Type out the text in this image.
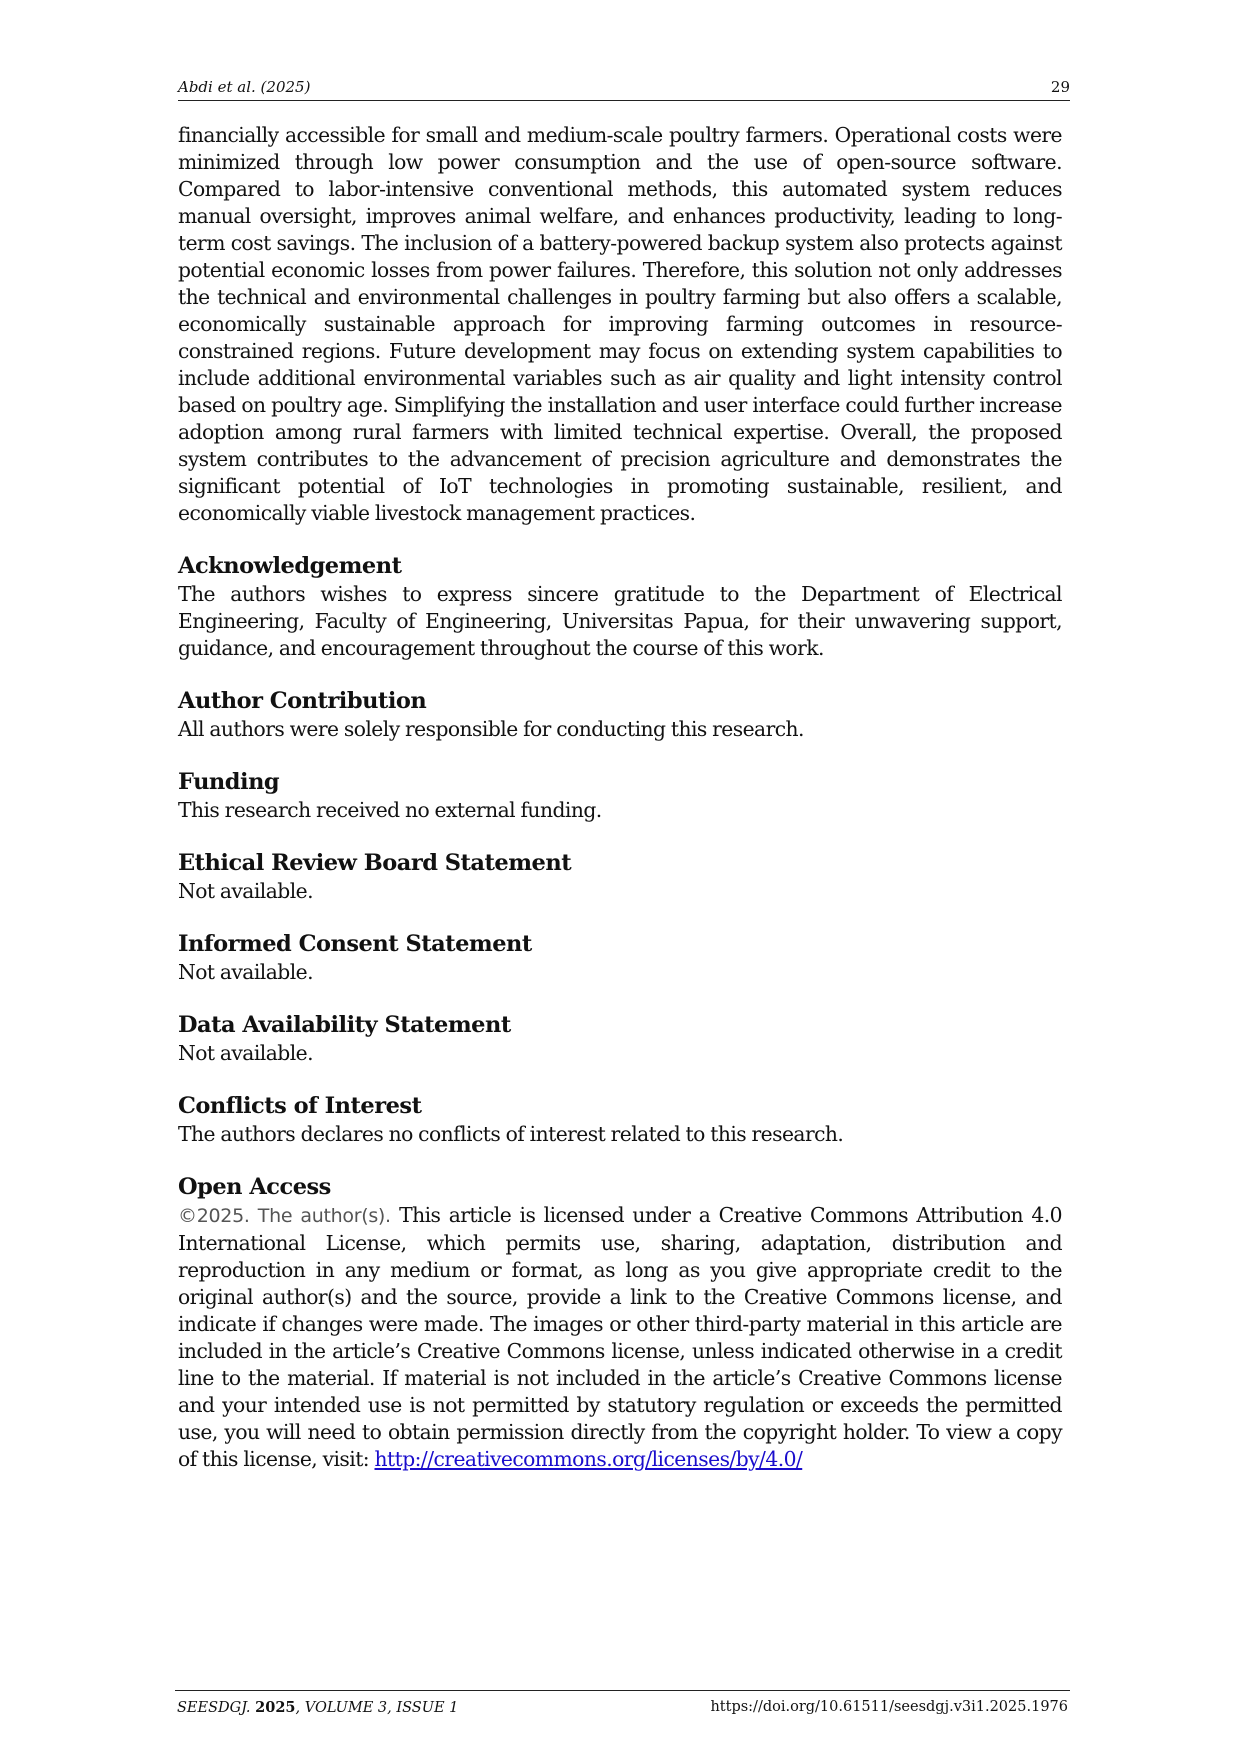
Abdi et al. (2025)	29

financially accessible for small and medium-scale poultry farmers. Operational costs were minimized through low power consumption and the use of open-source software. Compared to labor-intensive conventional methods, this automated system reduces manual oversight, improves animal welfare, and enhances productivity, leading to long-term cost savings. The inclusion of a battery-powered backup system also protects against potential economic losses from power failures. Therefore, this solution not only addresses the technical and environmental challenges in poultry farming but also offers a scalable, economically sustainable approach for improving farming outcomes in resource-constrained regions. Future development may focus on extending system capabilities to include additional environmental variables such as air quality and light intensity control based on poultry age. Simplifying the installation and user interface could further increase adoption among rural farmers with limited technical expertise. Overall, the proposed system contributes to the advancement of precision agriculture and demonstrates the significant potential of IoT technologies in promoting sustainable, resilient, and economically viable livestock management practices.

Acknowledgement

The authors wishes to express sincere gratitude to the Department of Electrical Engineering, Faculty of Engineering, Universitas Papua, for their unwavering support, guidance, and encouragement throughout the course of this work.

Author Contribution

All authors were solely responsible for conducting this research.

Funding

This research received no external funding.

Ethical Review Board Statement

Not available.

Informed Consent Statement

Not available.

Data Availability Statement

Not available.

Conflicts of Interest

The authors declares no conflicts of interest related to this research.

Open Access

©2025. The author(s). This article is licensed under a Creative Commons Attribution 4.0 International License, which permits use, sharing, adaptation, distribution and reproduction in any medium or format, as long as you give appropriate credit to the original author(s) and the source, provide a link to the Creative Commons license, and indicate if changes were made. The images or other third-party material in this article are included in the article’s Creative Commons license, unless indicated otherwise in a credit line to the material. If material is not included in the article’s Creative Commons license and your intended use is not permitted by statutory regulation or exceeds the permitted use, you will need to obtain permission directly from the copyright holder. To view a copy of this license, visit: http://creativecommons.org/licenses/by/4.0/

SEESDGJ. 2025, VOLUME 3, ISSUE 1	https://doi.org/10.61511/seesdgj.v3i1.2025.1976
